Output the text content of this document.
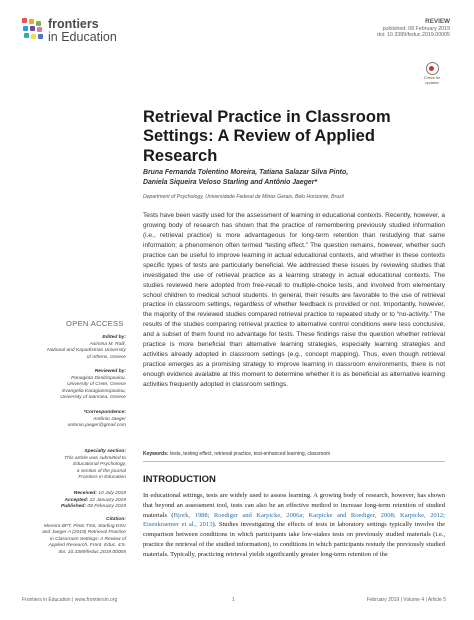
frontiers
in Education
REVIEW
published: 08 February 2019
doi: 10.3389/feduc.2019.00005
Check for
updates
Retrieval Practice in Classroom Settings: A Review of Applied Research
Bruna Fernanda Tolentino Moreira, Tatiana Salazar Silva Pinto,
Daniela Siqueira Veloso Starling and Antônio Jaeger*
Department of Psychology, Universidade Federal de Minas Gerais, Belo Horizonte, Brazil
Tests have been vastly used for the assessment of learning in educational contexts. Recently, however, a growing body of research has shown that the practice of remembering previously studied information (i.e., retrieval practice) is more advantageous for long-term retention than restudying that same information; a phenomenon often termed “testing effect.” The question remains, however, whether such practice can be useful to improve learning in actual educational contexts, and whether in these contexts specific types of tests are particularly beneficial. We addressed these issues by reviewing studies that investigated the use of retrieval practice as a learning strategy in actual educational contexts. The studies reviewed here adopted from free-recall to multiple-choice tests, and involved from elementary school children to medical school students. In general, their results are favorable to the use of retrieval practice in classroom settings, regardless of whether feedback is provided or not. Importantly, however, the majority of the reviewed studies compared retrieval practice to repeated study or to “no-activity.” The results of the studies comparing retrieval practice to alternative control conditions were less conclusive, and a subset of them found no advantage for tests. These findings raise the question whether retrieval practice is more beneficial than alternative learning strategies, especially learning strategies and activities already adopted in classroom settings (e.g., concept mapping). Thus, even though retrieval practice emerges as a promising strategy to improve learning in classroom environments, there is not enough evidence available at this moment to determine whether it is as beneficial as alternative learning activities frequently adopted in classroom settings.
Keywords: tests, testing effect, retrieval practice, test-enhanced learning, classroom
INTRODUCTION
In educational settings, tests are widely used to assess learning. A growing body of research, however, has shown that beyond an assessment tool, tests can also be an effective method to increase long-term retention of studied materials (Bjork, 1988; Roediger and Karpicke, 2006a; Karpicke and Roediger, 2008; Karpicke, 2012; Eisenkraemer et al., 2013). Studies investigating the effects of tests in laboratory settings typically involve the comparison between conditions in which participants take low-stakes tests on previously studied materials (i.e., practice the retrieval of the studied information), to conditions in which participants restudy the previously studied materials. Typically, practicing retrieval yields significantly greater long-term retention of the
OPEN ACCESS
Edited by:
Asimina M. Ralli,
National and Kapodistrian University
of Athens, Greece
Reviewed by:
Panagiota Dimitropoulou,
University of Crete, Greece
Evangelia Karagiannopoulou,
University of Ioannina, Greece
*Correspondence:
Antônio Jaeger
antonio.jaeger@gmail.com
Specialty section:
This article was submitted to
Educational Psychology,
a section of the journal
Frontiers in Education
Received: 10 July 2018
Accepted: 22 January 2019
Published: 08 February 2019
Citation:
Moreira BFT, Pinto TSS, Starling DSV
and Jaeger A (2019) Retrieval Practice
in Classroom Settings: A Review of
Applied Research. Front. Educ. 4:5.
doi: 10.3389/feduc.2019.00005
Frontiers in Education | www.frontiersin.org	1	February 2019 | Volume 4 | Article 5
